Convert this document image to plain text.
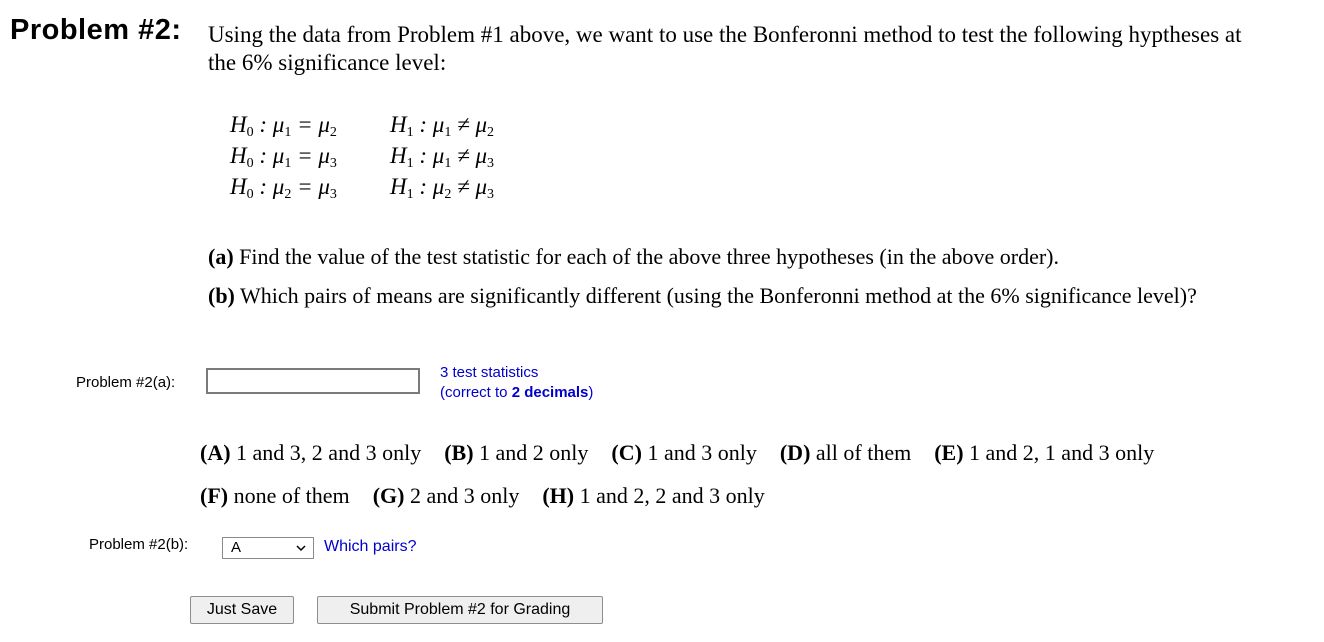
Problem #2: Using the data from Problem #1 above, we want to use the Bonferonni method to test the following hyptheses at
the 6% significance level:
$H_0$ : $\mu_1 = \mu_2$ $H_1$ : $\mu_1 \ne \mu_2$
$H_0$ : $\mu_1 = \mu_3$ $H_1$ : $\mu_1 \ne \mu_3$
$H_0$ : $\mu_2 = \mu_3$ $H_1$ : $\mu_2 \ne \mu_3$
(a) Find the value of the test statistic for each of the above three hypotheses (in the above order).
(b) Which pairs of means are significantly different (using the Bonferonni method at the 6% significance level)?
Problem #2(a):
3 test statistics
(correct to 2 decimals)
(A) 1 and 3, 2 and 3 only (B) 1 and 2 only (C) 1 and 3 only (D) all of them (E) 1 and 2, 1 and 3 only
(F) none of them (G) 2 and 3 only (H) 1 and 2, 2 and 3 only
Problem #2(b):	A	Which pairs?
Just Save	Submit Problem #2 for Grading
